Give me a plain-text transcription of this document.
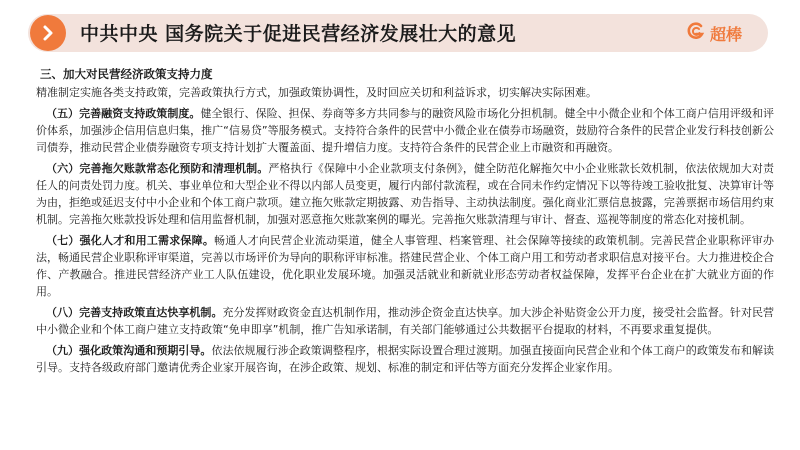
中共中央 国务院关于促进民营经济发展壮大的意见	超棒
三、加大对民营经济政策支持力度
精准制定实施各类支持政策，完善政策执行方式，加强政策协调性，及时回应关切和利益诉求，切实解决实际困难。
（五）完善融资支持政策制度。健全银行、保险、担保、券商等多方共同参与的融资风险市场化分担机制。健全中小微企业和个体工商户信用评级和评价体系，加强涉企信用信息归集，推广“信易贷”等服务模式。支持符合条件的民营中小微企业在债券市场融资，鼓励符合条件的民营企业发行科技创新公司债券，推动民营企业债券融资专项支持计划扩大覆盖面、提升增信力度。支持符合条件的民营企业上市融资和再融资。
（六）完善拖欠账款常态化预防和清理机制。严格执行《保障中小企业款项支付条例》，健全防范化解拖欠中小企业账款长效机制，依法依规加大对责任人的问责处罚力度。机关、事业单位和大型企业不得以内部人员变更，履行内部付款流程，或在合同未作约定情况下以等待竣工验收批复、决算审计等为由，拒绝或延迟支付中小企业和个体工商户款项。建立拖欠账款定期披露、劝告指导、主动执法制度。强化商业汇票信息披露，完善票据市场信用约束机制。完善拖欠账款投诉处理和信用监督机制，加强对恶意拖欠账款案例的曝光。完善拖欠账款清理与审计、督查、巡视等制度的常态化对接机制。
（七）强化人才和用工需求保障。畅通人才向民营企业流动渠道，健全人事管理、档案管理、社会保障等接续的政策机制。完善民营企业职称评审办法，畅通民营企业职称评审渠道，完善以市场评价为导向的职称评审标准。搭建民营企业、个体工商户用工和劳动者求职信息对接平台。大力推进校企合作、产教融合。推进民营经济产业工人队伍建设，优化职业发展环境。加强灵活就业和新就业形态劳动者权益保障，发挥平台企业在扩大就业方面的作用。
（八）完善支持政策直达快享机制。充分发挥财政资金直达机制作用，推动涉企资金直达快享。加大涉企补贴资金公开力度，接受社会监督。针对民营中小微企业和个体工商户建立支持政策“免申即享”机制，推广告知承诺制，有关部门能够通过公共数据平台提取的材料，不再要求重复提供。
（九）强化政策沟通和预期引导。依法依规履行涉企政策调整程序，根据实际设置合理过渡期。加强直接面向民营企业和个体工商户的政策发布和解读引导。支持各级政府部门邀请优秀企业家开展咨询，在涉企政策、规划、标准的制定和评估等方面充分发挥企业家作用。
